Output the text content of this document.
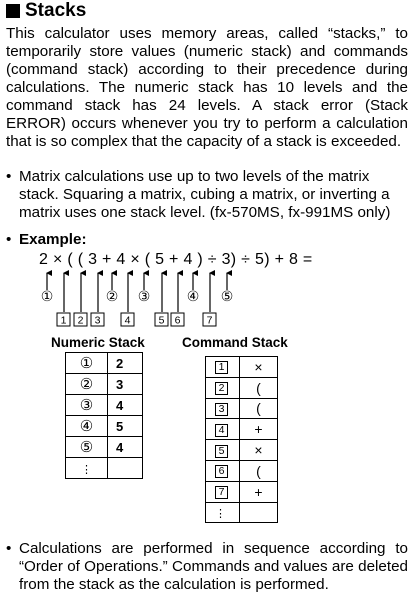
Stacks

This calculator uses memory areas, called “stacks,” to temporarily store values (numeric stack) and commands (command stack) according to their precedence during calculations. The numeric stack has 10 levels and the command stack has 24 levels. A stack error (Stack ERROR) occurs whenever you try to perform a calculation that is so complex that the capacity of a stack is exceeded.

• Matrix calculations use up to two levels of the matrix stack. Squaring a matrix, cubing a matrix, or inverting a matrix uses one stack level. (fx-570MS, fx-991MS only)
• Example:
2 × ( ( 3 + 4 × ( 5 + 4 ) ÷ 3) ÷ 5) + 8 =
①	② ③	④ ⑤
1 2 3 4	5 6 7
Numeric Stack	Command Stack
①	2
②	3
③	4
④	5
⑤	4
⋮	
1	×
2	(
3	(
4	+
5	×
6	(
7	+
⋮	
• Calculations are performed in sequence according to “Order of Operations.” Commands and values are deleted from the stack as the calculation is performed.
